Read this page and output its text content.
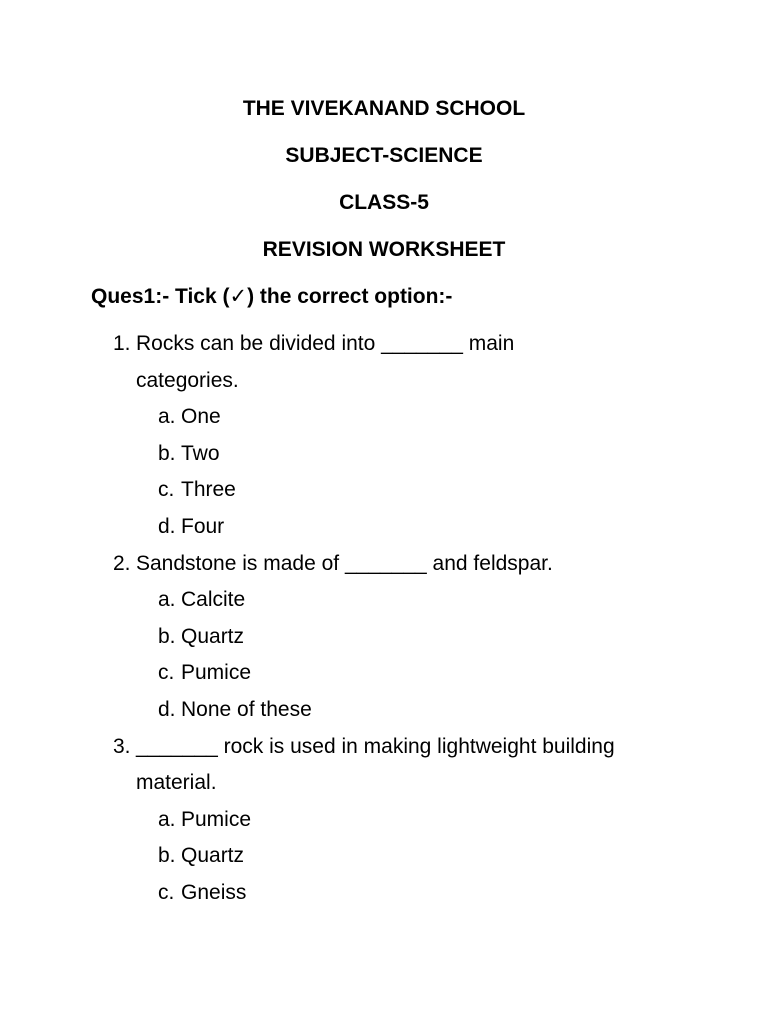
THE VIVEKANAND SCHOOL
SUBJECT-SCIENCE
CLASS-5
REVISION WORKSHEET
Ques1:- Tick (✓) the correct option:-
1. Rocks can be divided into _______ main
categories.
a. One
b. Two
c. Three
d. Four
2. Sandstone is made of _______ and feldspar.
a. Calcite
b. Quartz
c. Pumice
d. None of these
3. _______ rock is used in making lightweight building
material.
a. Pumice
b. Quartz
c. Gneiss
